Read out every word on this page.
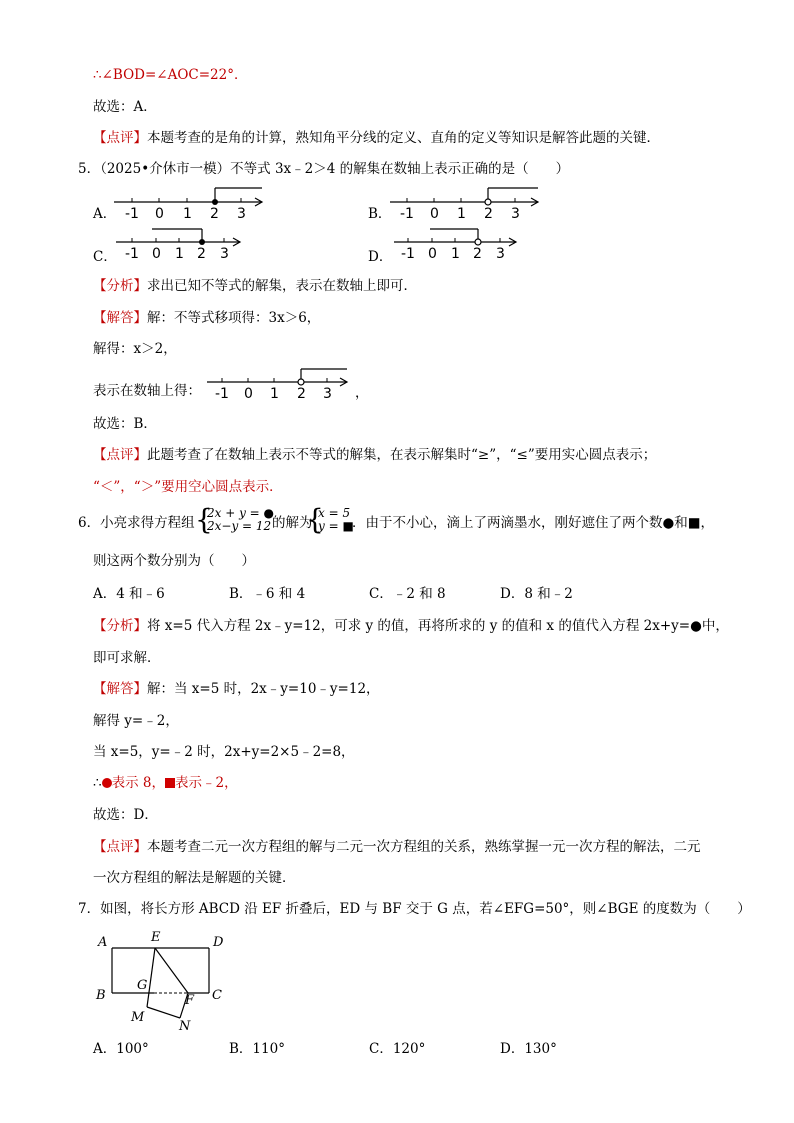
∴∠BOD=∠AOC=22°．
故选：A．
【点评】本题考查的是角的计算，熟知角平分线的定义、直角的定义等知识是解答此题的关键．
5．（2025•介休市一模）不等式 3x﹣2＞4 的解集在数轴上表示正确的是（　　）
A． -1 0 1 2 3	B． -1 0 1 2 3
C． -1 0 1 2 3	D． -1 0 1 2 3
【分析】求出已知不等式的解集，表示在数轴上即可．
【解答】解：不等式移项得：3x＞6，
解得：x＞2，
表示在数轴上得： -1 0 1 2 3 ，
故选：B．
【点评】此题考查了在数轴上表示不等式的解集，在表示解集时“≥”，“≤”要用实心圆点表示；
“＜”，“＞”要用空心圆点表示．
6．小亮求得方程组 {
2x + y = ●
2x−y = 12 的解为
{
x = 5
y = ■
．由于不小心，滴上了两滴墨水，刚好遮住了两个数●和■，
则这两个数分别为（　　）
A．4 和﹣6	B．﹣6 和 4	C．﹣2 和 8	D．8 和﹣2
【分析】将 x=5 代入方程 2x﹣y=12，可求 y 的值，再将所求的 y 的值和 x 的值代入方程 2x+y=●中，
即可求解．
【解答】解：当 x=5 时，2x﹣y=10﹣y=12，
解得 y=﹣2，
当 x=5，y=﹣2 时，2x+y=2×5﹣2=8，
∴ 表示 8， 表示﹣2，
故选：D．
【点评】本题考查二元一次方程组的解与二元一次方程组的关系，熟练掌握一元一次方程的解法，二元
一次方程组的解法是解题的关键．
7．如图，将长方形 ABCD 沿 EF 折叠后，ED 与 BF 交于 G 点，若∠EFG=50°，则∠BGE 的度数为（　　）
A	E	D
B
G
F C
M
N
A．100°	B．110°	C．120°	D．130°
